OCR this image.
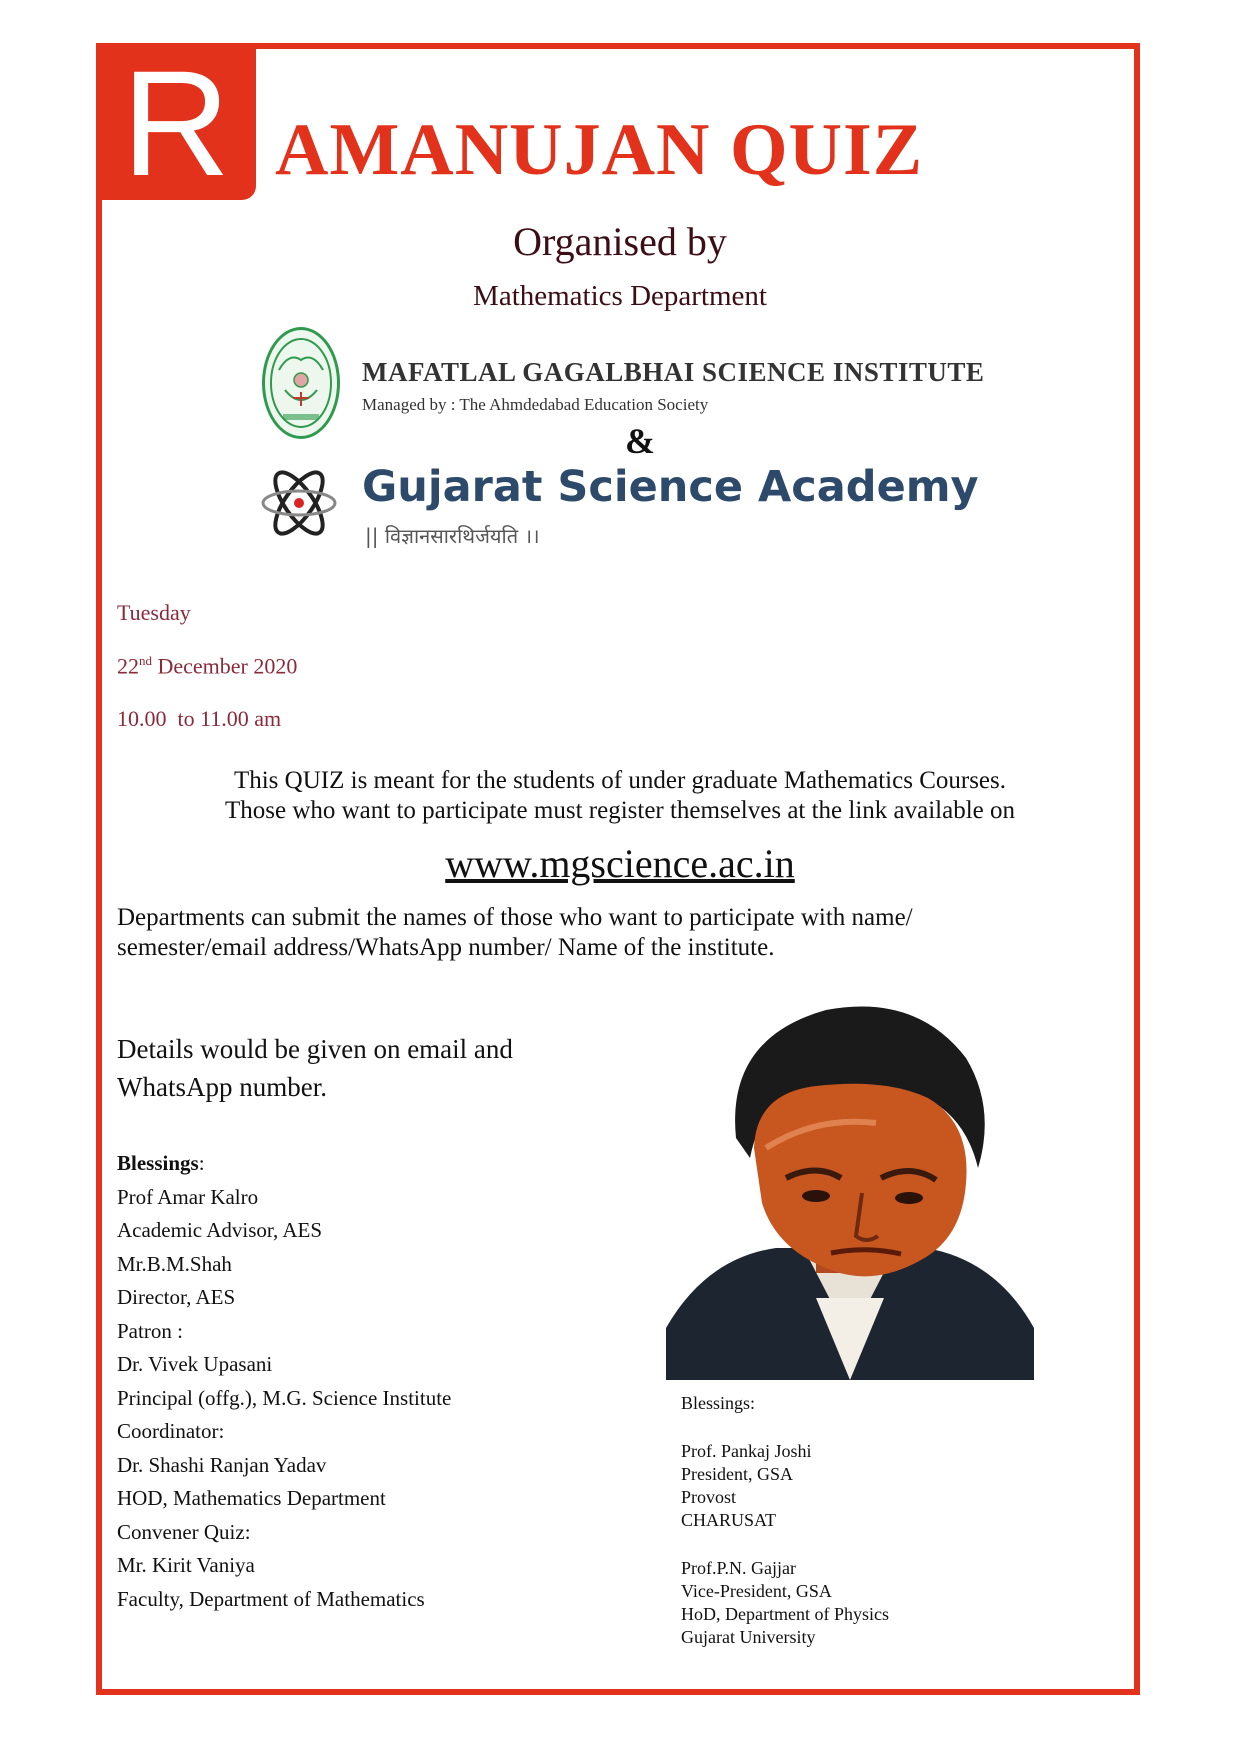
R AMANUJAN QUIZ
Organised by
Mathematics Department
MAFATLAL GAGALBHAI SCIENCE INSTITUTE
Managed by : The Ahmdedabad Education Society
&
Gujarat Science Academy
|| विज्ञानसारथिर्जयति ।।
Tuesday
22nd December 2020
10.00  to 11.00 am
This QUIZ is meant for the students of under graduate Mathematics Courses.
Those who want to participate must register themselves at the link available on
www.mgscience.ac.in
Departments can submit the names of those who want to participate with name/
semester/email address/WhatsApp number/ Name of the institute.
Details would be given on email and
WhatsApp number.
Blessings:
Prof Amar Kalro
Academic Advisor, AES
Mr.B.M.Shah
Director, AES
Patron :
Dr. Vivek Upasani
Principal (offg.), M.G. Science Institute
Coordinator:
Dr. Shashi Ranjan Yadav
HOD, Mathematics Department
Convener Quiz:
Mr. Kirit Vaniya
Faculty, Department of Mathematics
Blessings:
Prof. Pankaj Joshi
President, GSA
Provost
CHARUSAT
Prof.P.N. Gajjar
Vice-President, GSA
HoD, Department of Physics
Gujarat University
